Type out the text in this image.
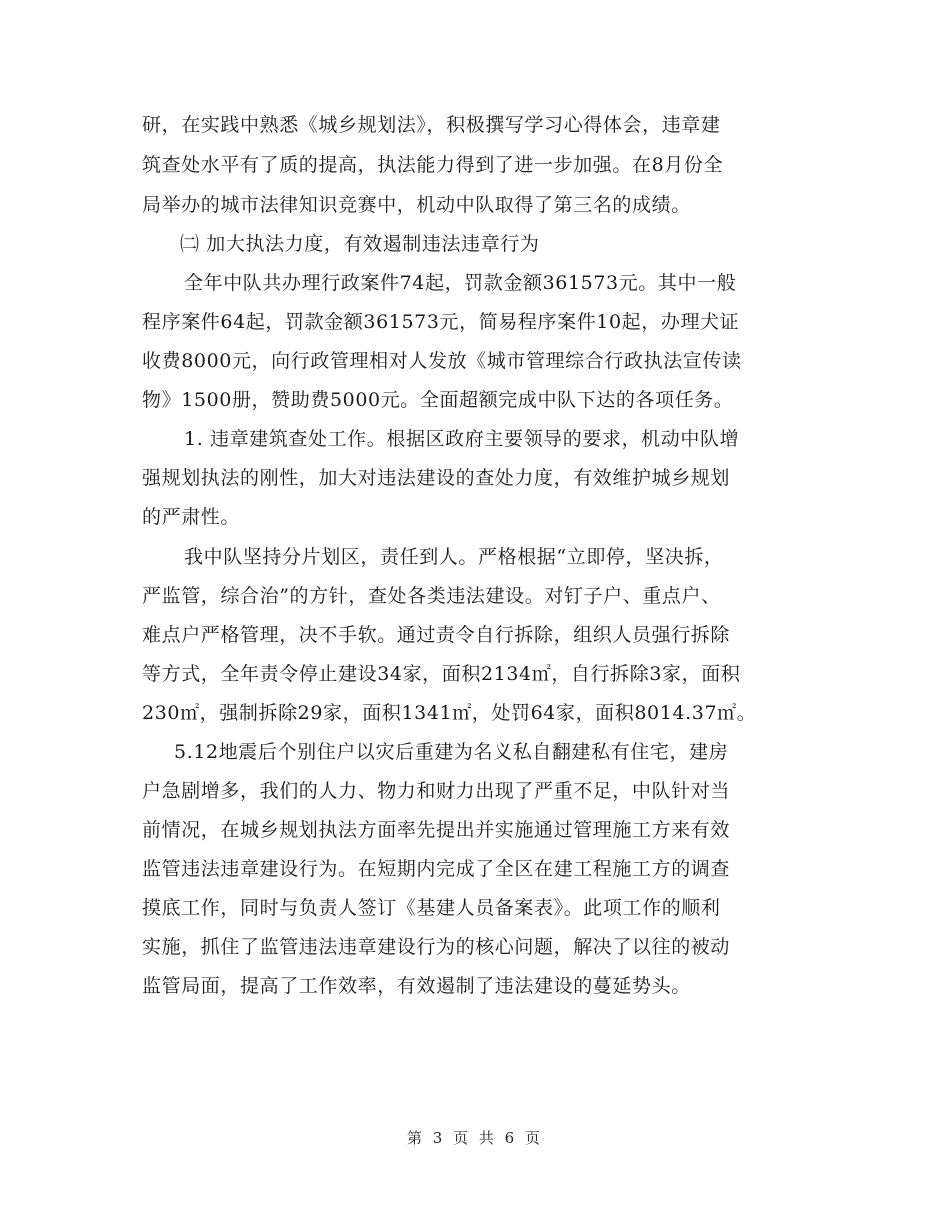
研，在实践中熟悉《城乡规划法》，积极撰写学习心得体会，违章建
筑查处水平有了质的提高，执法能力得到了进一步加强。在8月份全
局举办的城市法律知识竞赛中，机动中队取得了第三名的成绩。
㈡ 加大执法力度，有效遏制违法违章行为
全年中队共办理行政案件74起，罚款金额361573元。其中一般
程序案件64起，罚款金额361573元，简易程序案件10起，办理犬证
收费8000元，向行政管理相对人发放《城市管理综合行政执法宣传读
物》1500册，赞助费5000元。全面超额完成中队下达的各项任务。
1. 违章建筑查处工作。根据区政府主要领导的要求，机动中队增
强规划执法的刚性，加大对违法建设的查处力度，有效维护城乡规划
的严肃性。
我中队坚持分片划区，责任到人。严格根据“立即停，坚决拆，
严监管，综合治”的方针，查处各类违法建设。对钉子户、重点户、
难点户严格管理，决不手软。通过责令自行拆除，组织人员强行拆除
等方式，全年责令停止建设34家，面积2134㎡，自行拆除3家，面积
230㎡，强制拆除29家，面积1341㎡，处罚64家，面积8014.37㎡。
5.12地震后个别住户以灾后重建为名义私自翻建私有住宅，建房
户急剧增多，我们的人力、物力和财力出现了严重不足，中队针对当
前情况，在城乡规划执法方面率先提出并实施通过管理施工方来有效
监管违法违章建设行为。在短期内完成了全区在建工程施工方的调查
摸底工作，同时与负责人签订《基建人员备案表》。此项工作的顺利
实施，抓住了监管违法违章建设行为的核心问题，解决了以往的被动
监管局面，提高了工作效率，有效遏制了违法建设的蔓延势头。
第 3 页 共 6 页
